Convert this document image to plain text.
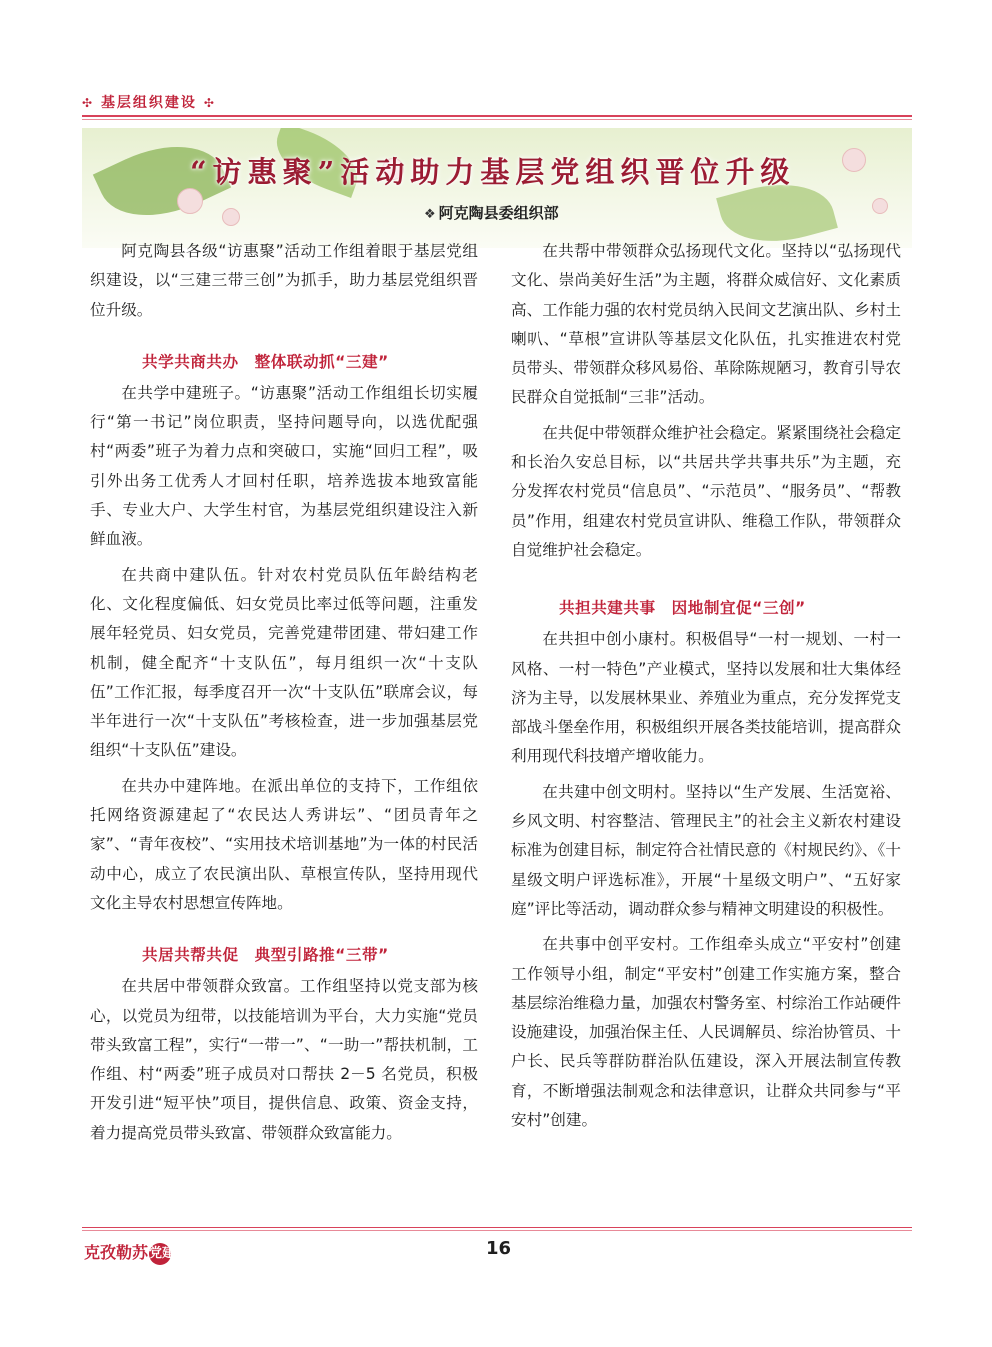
✣ 基层组织建设 ✣
“访惠聚”活动助力基层党组织晋位升级
❖ 阿克陶县委组织部

阿克陶县各级“访惠聚”活动工作组着眼于基层党组织建设，以“三建三带三创”为抓手，助力基层党组织晋位升级。

共学共商共办　整体联动抓“三建”

在共学中建班子。“访惠聚”活动工作组组长切实履行“第一书记”岗位职责，坚持问题导向，以选优配强村“两委”班子为着力点和突破口，实施“回归工程”，吸引外出务工优秀人才回村任职，培养选拔本地致富能手、专业大户、大学生村官，为基层党组织建设注入新鲜血液。

在共商中建队伍。针对农村党员队伍年龄结构老化、文化程度偏低、妇女党员比率过低等问题，注重发展年轻党员、妇女党员，完善党建带团建、带妇建工作机制，健全配齐“十支队伍”，每月组织一次“十支队伍”工作汇报，每季度召开一次“十支队伍”联席会议，每半年进行一次“十支队伍”考核检查，进一步加强基层党组织“十支队伍”建设。

在共办中建阵地。在派出单位的支持下，工作组依托网络资源建起了“农民达人秀讲坛”、“团员青年之家”、“青年夜校”、“实用技术培训基地”为一体的村民活动中心，成立了农民演出队、草根宣传队，坚持用现代文化主导农村思想宣传阵地。

共居共帮共促　典型引路推“三带”

在共居中带领群众致富。工作组坚持以党支部为核心，以党员为纽带，以技能培训为平台，大力实施“党员带头致富工程”，实行“一带一”、“一助一”帮扶机制，工作组、村“两委”班子成员对口帮扶 2－5 名党员，积极开发引进“短平快”项目，提供信息、政策、资金支持，着力提高党员带头致富、带领群众致富能力。

在共帮中带领群众弘扬现代文化。坚持以“弘扬现代文化、崇尚美好生活”为主题，将群众威信好、文化素质高、工作能力强的农村党员纳入民间文艺演出队、乡村土喇叭、“草根”宣讲队等基层文化队伍，扎实推进农村党员带头、带领群众移风易俗、革除陈规陋习，教育引导农民群众自觉抵制“三非”活动。

在共促中带领群众维护社会稳定。紧紧围绕社会稳定和长治久安总目标，以“共居共学共事共乐”为主题，充分发挥农村党员“信息员”、“示范员”、“服务员”、“帮教员”作用，组建农村党员宣讲队、维稳工作队，带领群众自觉维护社会稳定。

共担共建共事　因地制宜促“三创”

在共担中创小康村。积极倡导“一村一规划、一村一风格、一村一特色”产业模式，坚持以发展和壮大集体经济为主导，以发展林果业、养殖业为重点，充分发挥党支部战斗堡垒作用，积极组织开展各类技能培训，提高群众利用现代科技增产增收能力。

在共建中创文明村。坚持以“生产发展、生活宽裕、乡风文明、村容整洁、管理民主”的社会主义新农村建设标准为创建目标，制定符合社情民意的《村规民约》、《十星级文明户评选标准》，开展“十星级文明户”、“五好家庭”评比等活动，调动群众参与精神文明建设的积极性。

在共事中创平安村。工作组牵头成立“平安村”创建工作领导小组，制定“平安村”创建工作实施方案，整合基层综治维稳力量，加强农村警务室、村综治工作站硬件设施建设，加强治保主任、人民调解员、综治协管员、十户长、民兵等群防群治队伍建设，深入开展法制宣传教育，不断增强法制观念和法律意识，让群众共同参与“平安村”创建。

克孜勒苏党建	16
